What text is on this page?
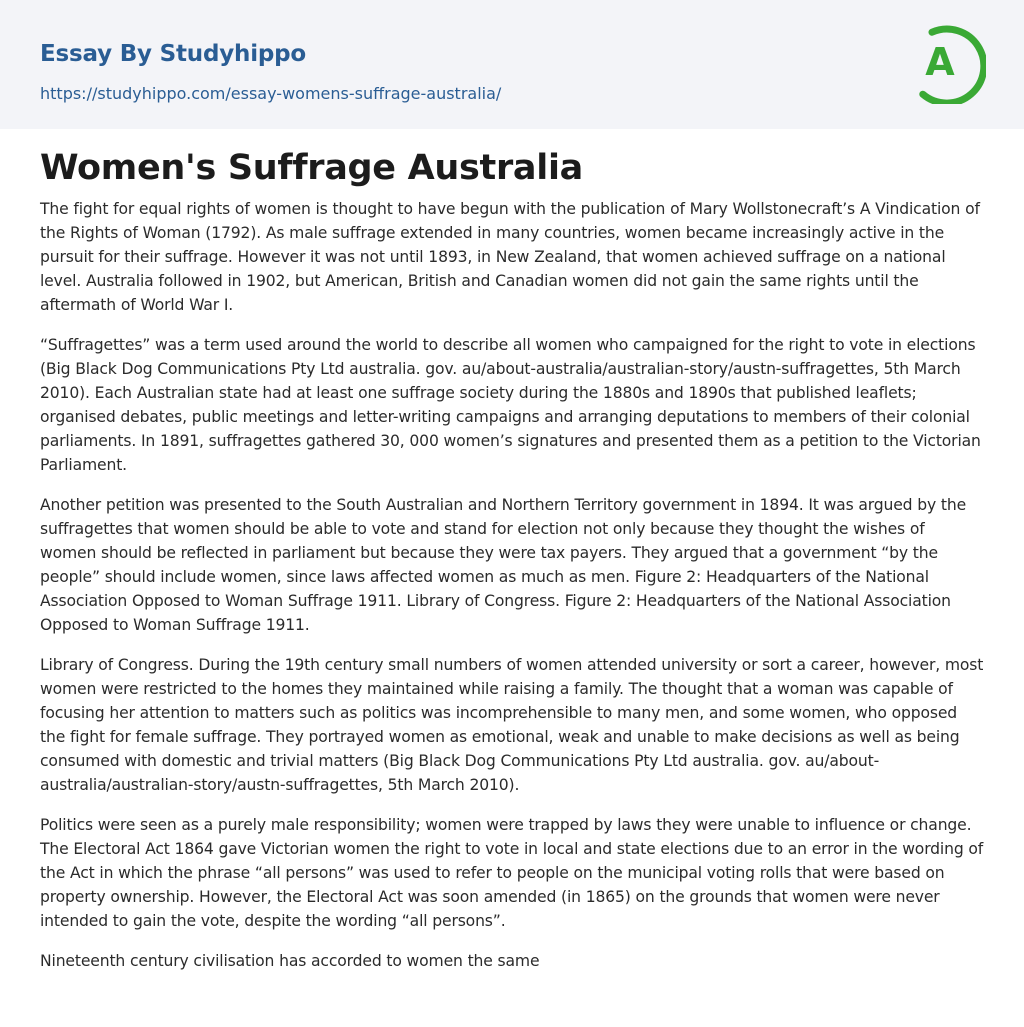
Essay By Studyhippo
https://studyhippo.com/essay-womens-suffrage-australia/
A
Women's Suffrage Australia

The fight for equal rights of women is thought to have begun with the publication of Mary Wollstonecraft’s A Vindication of the Rights of Woman (1792). As male suffrage extended in many countries, women became increasingly active in the pursuit for their suffrage. However it was not until 1893, in New Zealand, that women achieved suffrage on a national level. Australia followed in 1902, but American, British and Canadian women did not gain the same rights until the aftermath of World War I.

“Suffragettes” was a term used around the world to describe all women who campaigned for the right to vote in elections (Big Black Dog Communications Pty Ltd australia. gov. au/about-australia/australian-story/austn-suffragettes, 5th March 2010). Each Australian state had at least one suffrage society during the 1880s and 1890s that published leaflets; organised debates, public meetings and letter-writing campaigns and arranging deputations to members of their colonial parliaments. In 1891, suffragettes gathered 30, 000 women’s signatures and presented them as a petition to the Victorian Parliament.

Another petition was presented to the South Australian and Northern Territory government in 1894. It was argued by the suffragettes that women should be able to vote and stand for election not only because they thought the wishes of women should be reflected in parliament but because they were tax payers. They argued that a government “by the people” should include women, since laws affected women as much as men. Figure 2: Headquarters of the National Association Opposed to Woman Suffrage 1911. Library of Congress. Figure 2: Headquarters of the National Association Opposed to Woman Suffrage 1911.

Library of Congress. During the 19th century small numbers of women attended university or sort a career, however, most women were restricted to the homes they maintained while raising a family. The thought that a woman was capable of focusing her attention to matters such as politics was incomprehensible to many men, and some women, who opposed the fight for female suffrage. They portrayed women as emotional, weak and unable to make decisions as well as being consumed with domestic and trivial matters (Big Black Dog Communications Pty Ltd australia. gov. au/about-australia/australian-story/austn-suffragettes, 5th March 2010).

Politics were seen as a purely male responsibility; women were trapped by laws they were unable to influence or change. The Electoral Act 1864 gave Victorian women the right to vote in local and state elections due to an error in the wording of the Act in which the phrase “all persons” was used to refer to people on the municipal voting rolls that were based on property ownership. However, the Electoral Act was soon amended (in 1865) on the grounds that women were never intended to gain the vote, despite the wording “all persons”.

Nineteenth century civilisation has accorded to women the same
